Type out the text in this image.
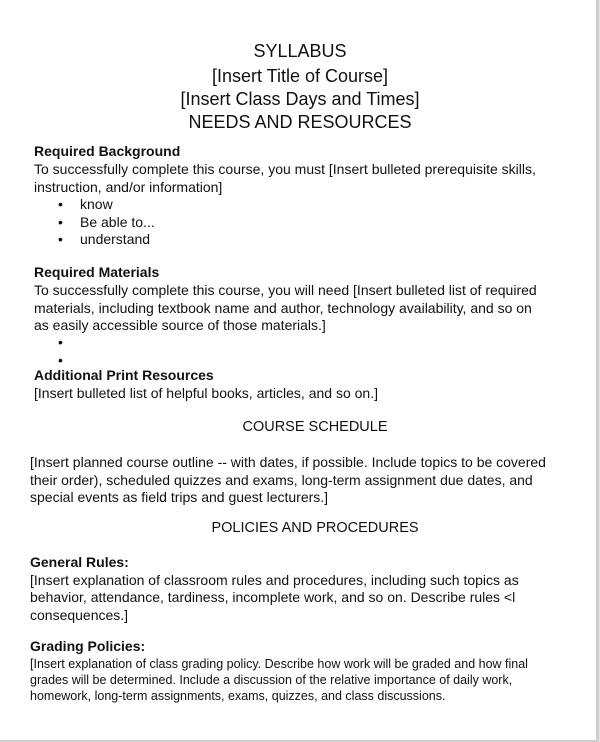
SYLLABUS
[Insert Title of Course]
[Insert Class Days and Times]
NEEDS AND RESOURCES
Required Background
To successfully complete this course, you must [Insert bulleted prerequisite skills,
instruction, and/or information]
• know
• Be able to...
• understand
Required Materials
To successfully complete this course, you will need [Insert bulleted list of required
materials, including textbook name and author, technology availability, and so on
as easily accessible source of those materials.]
•
•
Additional Print Resources
[Insert bulleted list of helpful books, articles, and so on.]
COURSE SCHEDULE
[Insert planned course outline -- with dates, if possible. Include topics to be covered
their order), scheduled quizzes and exams, long-term assignment due dates, and
special events as field trips and guest lecturers.]
POLICIES AND PROCEDURES
General Rules:
[Insert explanation of classroom rules and procedures, including such topics as
behavior, attendance, tardiness, incomplete work, and so on. Describe rules <l
consequences.]
Grading Policies:
[Insert explanation of class grading policy. Describe how work will be graded and how final
grades will be determined. Include a discussion of the relative importance of daily work,
homework, long-term assignments, exams, quizzes, and class discussions.
